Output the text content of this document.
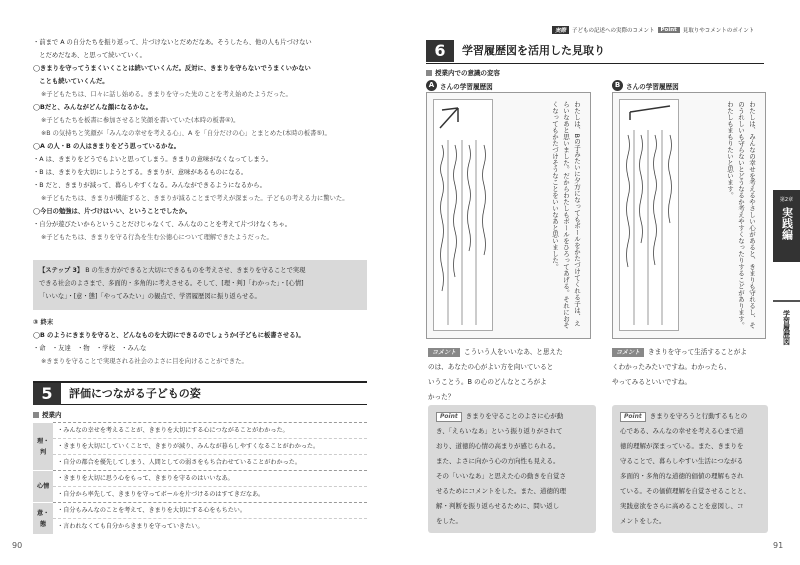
・前まで A の自分たちを振り返って、片づけないとだめだなあ。そうしたら、他の人も片づけない
　とだめだなあ、と思って続いていく。
◯きまりを守ってうまくいくことは続いていくんだ。反対に、きまりを守らないでうまくいかない
　ことも続いていくんだ。
※子どもたちは、口々に話し始める。きまりを守った先のことを考え始めたようだった。
◯Bだと、みんながどんな顔になるかな。
※子どもたちを板書に参加させると笑顔を書いていた(本時の板書④)。
※B の気持ちと笑顔が「みんなの幸せを考える心」、A を「自分だけの心」とまとめた(本時の板書⑤)。
◯A の人・B の人はきまりをどう思っているかな。
・A は、きまりをどうでもよいと思ってしまう。きまりの意味がなくなってしまう。
・B は、きまりを大切にしようとする。きまりが、意味があるものになる。
・B だと、きまりが減って、暮らしやすくなる。みんなができるようになるから。
※子どもたちは、きまりが機能すると、きまりが減ることまで考えが深まった。子どもの考える力に驚いた。
◯今日の勉強は、片づけはいい、ということでしたか。
・自分が遊びたいからということだけじゃなくて、みんなのことを考えて片づけなくちゃ。
※子どもたちは、きまりを守る行為を生む公徳心について理解できたようだった。
【ステップ 3】 B の生き方ができると大切にできるものを考えさせ、きまりを守ることで実現
できる社会のよさまで、多面的・多角的に考えさせる。そして、[理・判]「わかった」・[心情]
「いいな」・[意・態]「やってみたい」の観点で、学習履歴図に振り返らせる。
③ 終末
◯B のようにきまりを守ると、どんなものを大切にできるのでしょうか(子どもに板書させる)。
・命　・友達　・物　・学校　・みんな
※きまりを守ることで実現される社会のよさに目を向けることができた。
5	評価につながる子どもの姿
授業内
理・判	・みんなの幸せを考えることが、きまりを大切にする心につながることがわかった。
	・きまりを大切にしていくことで、きまりが減り、みんなが暮らしやすくなることがわかった。
	・自分の都合を優先してしまう、人間としての弱さをもち合わせていることがわかった。
心情	・きまりを大切に思う心をもって、きまりを守るのはいいなあ。
	・自分から率先して、きまりを守ってボールを片づけるのはすてきだなあ。
意・態	・自分もみんなのことを考えて、きまりを大切にする心をもちたい。
	・言われなくても自分からきまりを守っていきたい。
90
実際	子どもの記述への実際のコメント	Point	見取りやコメントのポイント
6	学習履歴図を活用した見取り
授業内での意識の変容
A さんの学習履歴図
わたしは、Bの子みたいに夕方になってもボールをかたづけてくれる子は、えらいなあと思いました。だからわたしもボールをひろってあげる。それにおそくなってもかたづけそうなことをいいなあと思いました。
B さんの学習履歴図
わたしは、みんなの幸せを考えるやさしい心があると、きまりも守れるし、そのうれしいも守らないとどうなるか考えやすくなったりするこどがあります。わたしもまもりたいと思います。
コメント こういう人をいいなあ、と思えた
のは、あなたの心がよい方を向いていると
いうことう。B の心のどんなところがよ
かった？
コメント きまりを守って生活することがよ
くわかったみたいですね。わかったら、
やってみるといいですね。
Point きまりを守ることのよさに心が動
き、「えらいなあ」という振り返りがされて
おり、道徳的心情の高まりが感じられる。
また、よさに向かう心の方向性も見える。
その「いいなあ」と思えた心の動きを自覚さ
せるためにコメントをした。また、道徳的理
解・判断を振り返らせるために、問い返し
をした。
Point きまりを守ろうと行動するもとの
心である、みんなの幸せを考える心まで道
徳的理解が深まっている。また、きまりを
守ることで、暮らしやすい生活につながる
多面的・多角的な道徳的価値の理解もされ
ている。その価値理解を自覚させることと、
実践意欲をさらに高めることを意図し、コ
メントをした。
91
第2章
実践編
学習履歴図
